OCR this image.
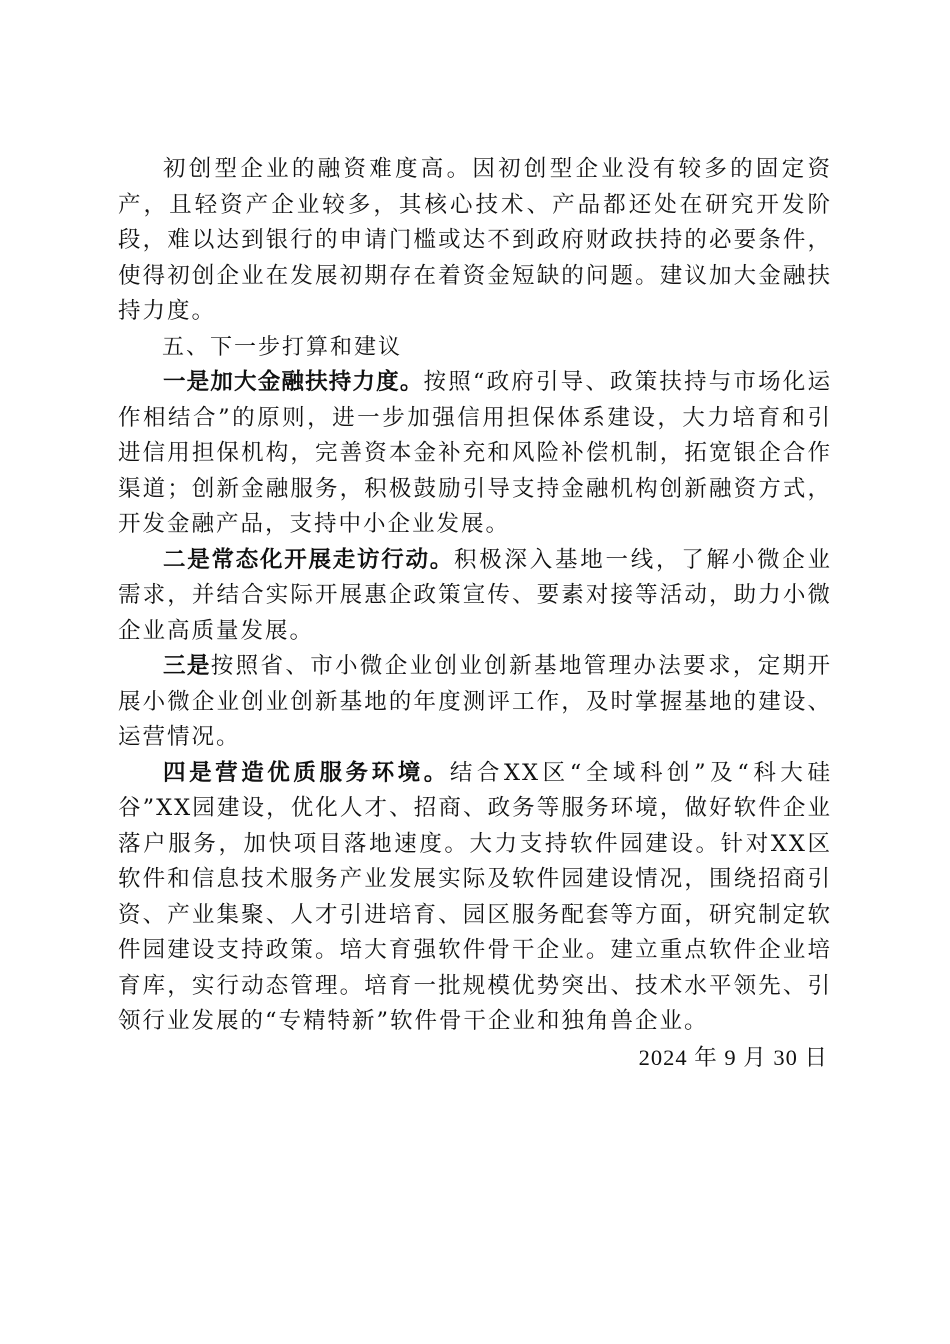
初创型企业的融资难度高。因初创型企业没有较多的固定资产，且轻资产企业较多，其核心技术、产品都还处在研究开发阶段，难以达到银行的申请门槛或达不到政府财政扶持的必要条件，使得初创企业在发展初期存在着资金短缺的问题。建议加大金融扶持力度。

五、下一步打算和建议

一是加大金融扶持力度。按照“政府引导、政策扶持与市场化运作相结合”的原则，进一步加强信用担保体系建设，大力培育和引进信用担保机构，完善资本金补充和风险补偿机制，拓宽银企合作渠道；创新金融服务，积极鼓励引导支持金融机构创新融资方式，开发金融产品，支持中小企业发展。

二是常态化开展走访行动。积极深入基地一线，了解小微企业需求，并结合实际开展惠企政策宣传、要素对接等活动，助力小微企业高质量发展。

三是按照省、市小微企业创业创新基地管理办法要求，定期开展小微企业创业创新基地的年度测评工作，及时掌握基地的建设、运营情况。

四是营造优质服务环境。结合XX区“全域科创”及“科大硅谷”XX园建设，优化人才、招商、政务等服务环境，做好软件企业落户服务，加快项目落地速度。大力支持软件园建设。针对XX区软件和信息技术服务产业发展实际及软件园建设情况，围绕招商引资、产业集聚、人才引进培育、园区服务配套等方面，研究制定软件园建设支持政策。培大育强软件骨干企业。建立重点软件企业培育库，实行动态管理。培育一批规模优势突出、技术水平领先、引领行业发展的“专精特新”软件骨干企业和独角兽企业。

2024 年 9 月 30 日
